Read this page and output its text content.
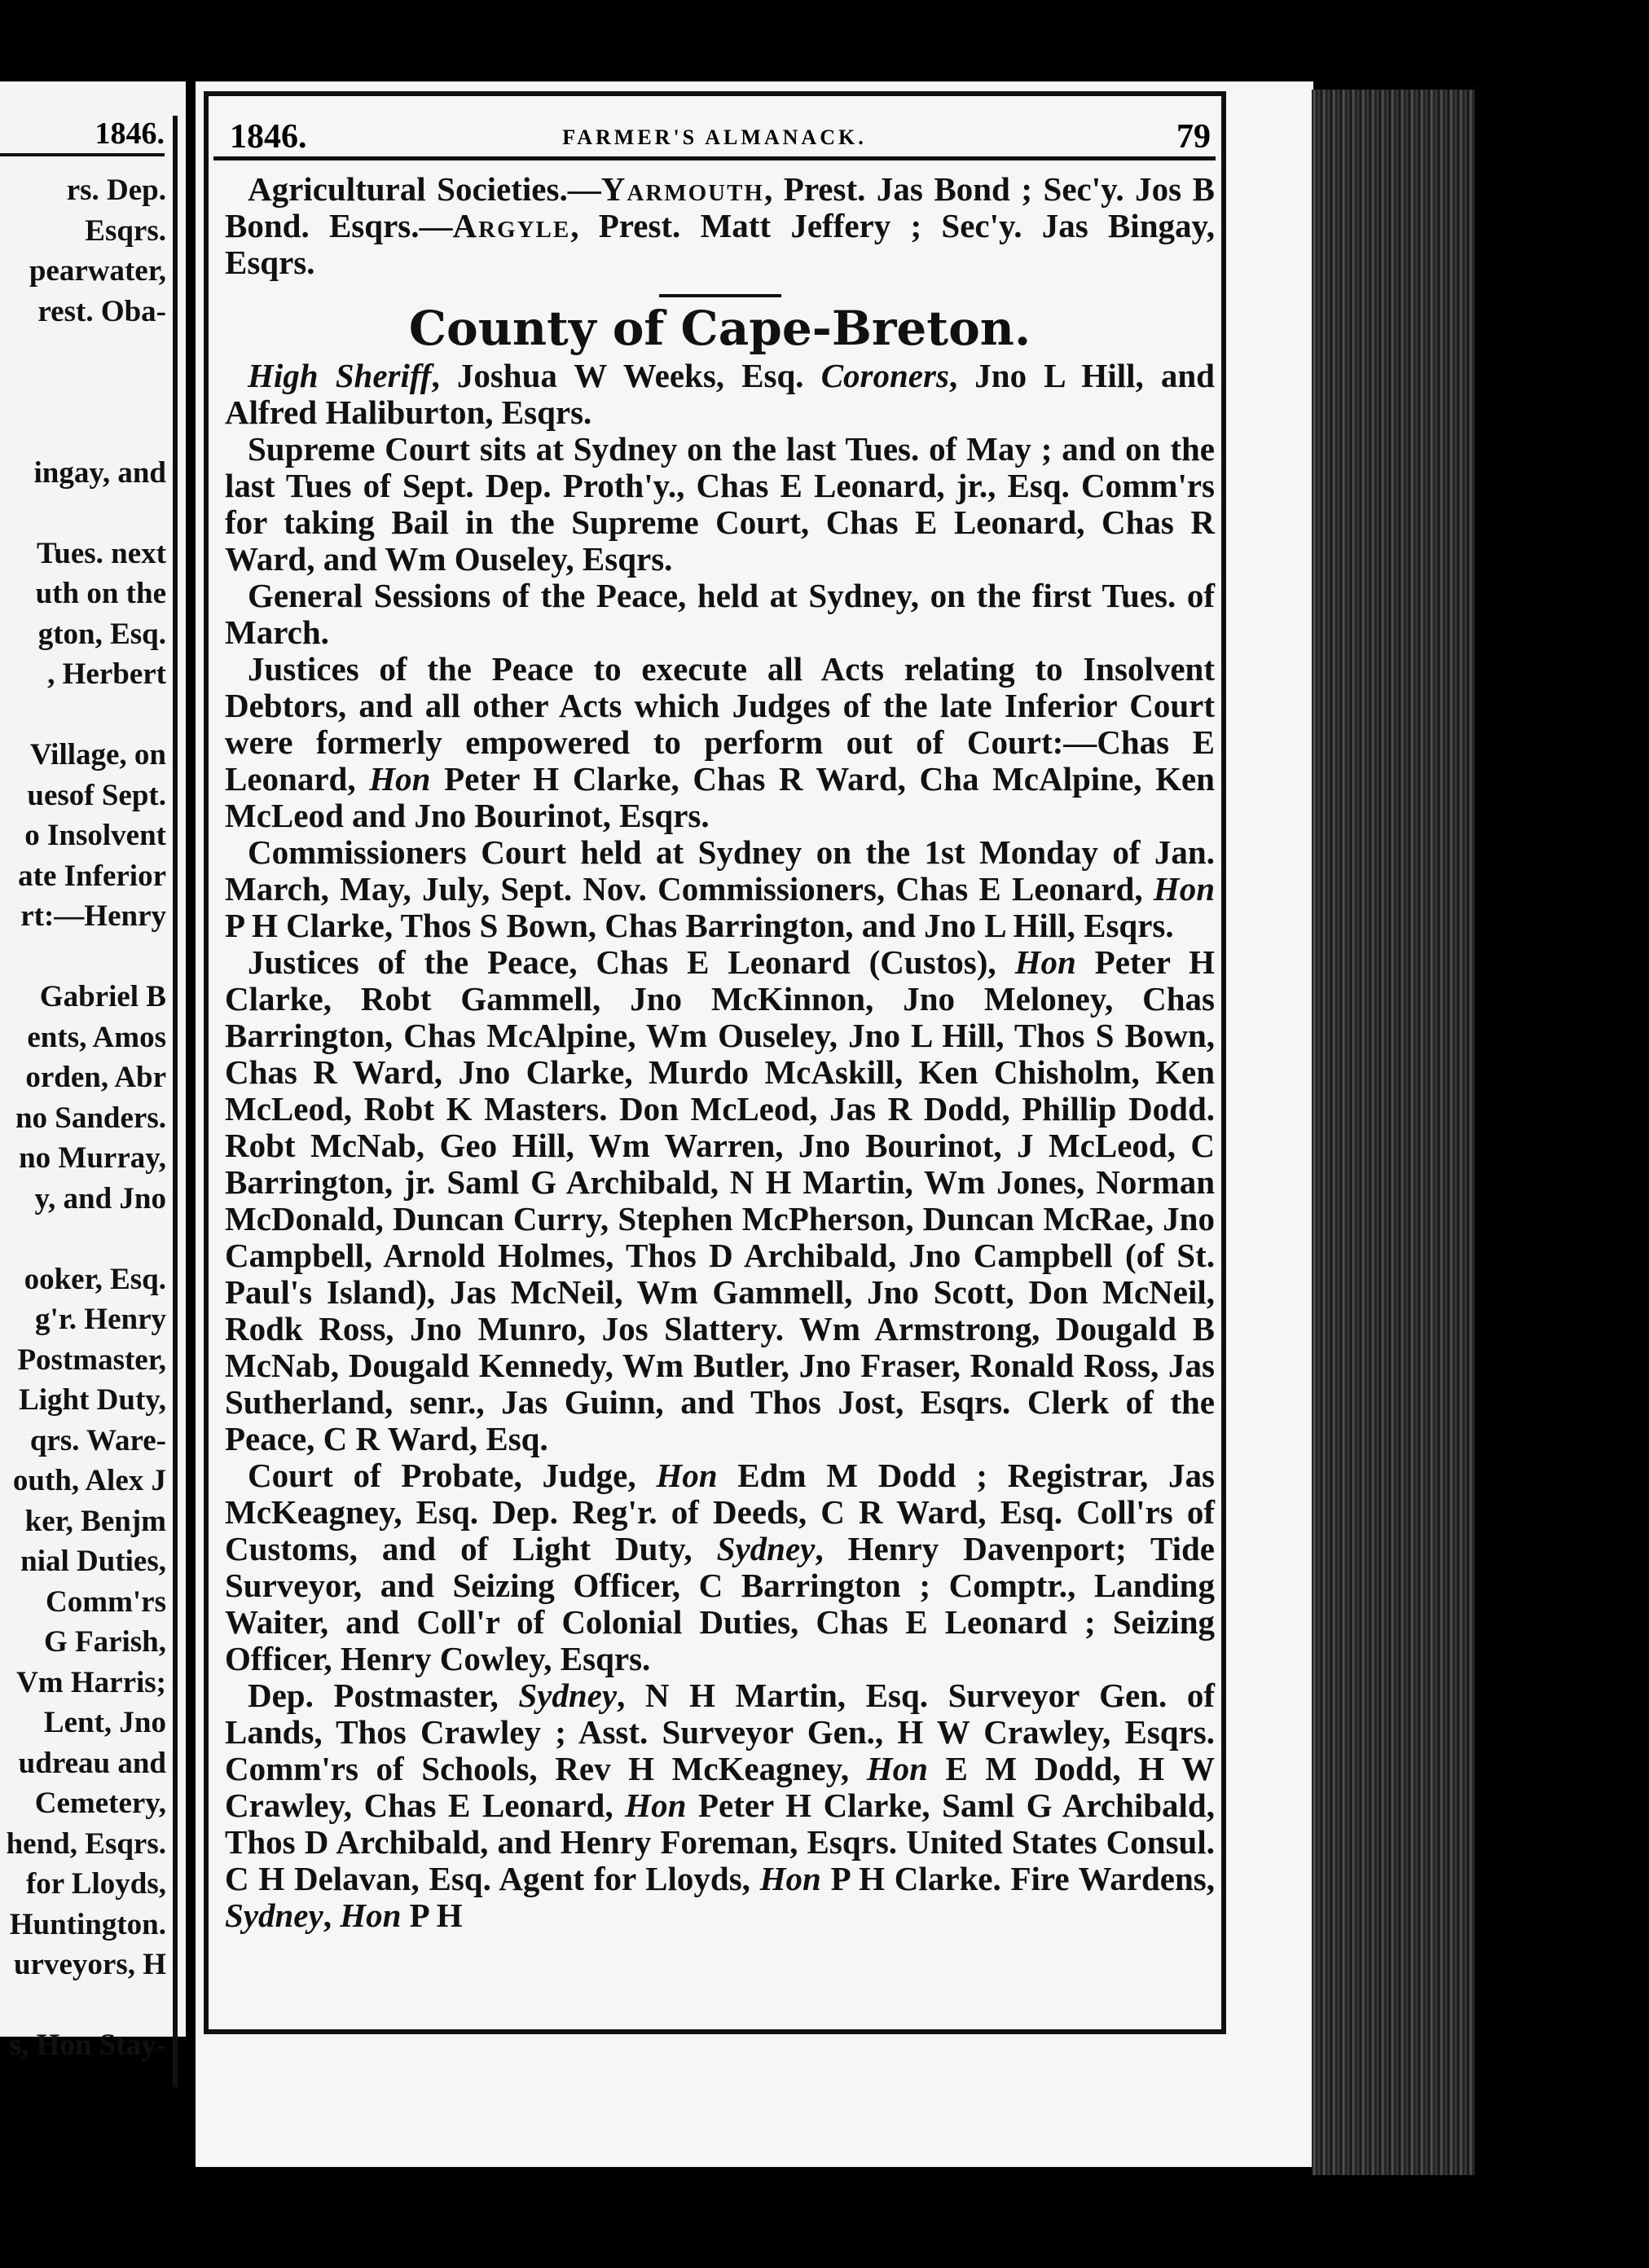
1846.
rs. Dep.
Esqrs.
pearwater,
rest. Oba-
ingay, and
Tues. next
uth on the
gton, Esq.
, Herbert
Village, on
uesof Sept.
o Insolvent
ate Inferior
rt:—Henry
Gabriel B
ents, Amos
orden, Abr
no Sanders.
no Murray,
y, and Jno
ooker, Esq.
g'r. Henry
Postmaster,
Light Duty,
qrs. Ware-
outh, Alex J
ker, Benjm
nial Duties,
Comm'rs
G Farish,
Vm Harris;
Lent, Jno
udreau and
Cemetery,
hend, Esqrs.
for Lloyds,
Huntington.
urveyors, H
s, Hon Stay-
1846.	FARMER'S ALMANACK.	79

Agricultural Societies.—Yarmouth, Prest. Jas Bond ; Sec'y. Jos B Bond. Esqrs.—Argyle, Prest. Matt Jeffery ; Sec'y. Jas Bingay, Esqrs.

County of Cape-Breton.

High Sheriff, Joshua W Weeks, Esq. Coroners, Jno L Hill, and Alfred Haliburton, Esqrs.

Supreme Court sits at Sydney on the last Tues. of May ; and on the last Tues of Sept. Dep. Proth'y., Chas E Leonard, jr., Esq. Comm'rs for taking Bail in the Supreme Court, Chas E Leonard, Chas R Ward, and Wm Ouseley, Esqrs.

General Sessions of the Peace, held at Sydney, on the first Tues. of March.

Justices of the Peace to execute all Acts relating to Insolvent Debtors, and all other Acts which Judges of the late Inferior Court were formerly empowered to perform out of Court:—Chas E Leonard, Hon Peter H Clarke, Chas R Ward, Cha McAlpine, Ken McLeod and Jno Bourinot, Esqrs.

Commissioners Court held at Sydney on the 1st Monday of Jan. March, May, July, Sept. Nov. Commissioners, Chas E Leonard, Hon P H Clarke, Thos S Bown, Chas Barrington, and Jno L Hill, Esqrs.

Justices of the Peace, Chas E Leonard (Custos), Hon Peter H Clarke, Robt Gammell, Jno McKinnon, Jno Meloney, Chas Barrington, Chas McAlpine, Wm Ouseley, Jno L Hill, Thos S Bown, Chas R Ward, Jno Clarke, Murdo McAskill, Ken Chisholm, Ken McLeod, Robt K Masters. Don McLeod, Jas R Dodd, Phillip Dodd. Robt McNab, Geo Hill, Wm Warren, Jno Bourinot, J McLeod, C Barrington, jr. Saml G Archibald, N H Martin, Wm Jones, Norman McDonald, Duncan Curry, Stephen McPherson, Duncan McRae, Jno Campbell, Arnold Holmes, Thos D Archibald, Jno Campbell (of St. Paul's Island), Jas McNeil, Wm Gammell, Jno Scott, Don McNeil, Rodk Ross, Jno Munro, Jos Slattery. Wm Armstrong, Dougald B McNab, Dougald Kennedy, Wm Butler, Jno Fraser, Ronald Ross, Jas Sutherland, senr., Jas Guinn, and Thos Jost, Esqrs. Clerk of the Peace, C R Ward, Esq.

Court of Probate, Judge, Hon Edm M Dodd ; Registrar, Jas McKeagney, Esq. Dep. Reg'r. of Deeds, C R Ward, Esq. Coll'rs of Customs, and of Light Duty, Sydney, Henry Davenport; Tide Surveyor, and Seizing Officer, C Barrington ; Comptr., Landing Waiter, and Coll'r of Colonial Duties, Chas E Leonard ; Seizing Officer, Henry Cowley, Esqrs.

Dep. Postmaster, Sydney, N H Martin, Esq. Surveyor Gen. of Lands, Thos Crawley ; Asst. Surveyor Gen., H W Crawley, Esqrs. Comm'rs of Schools, Rev H McKeagney, Hon E M Dodd, H W Crawley, Chas E Leonard, Hon Peter H Clarke, Saml G Archibald, Thos D Archibald, and Henry Foreman, Esqrs. United States Consul. C H Delavan, Esq. Agent for Lloyds, Hon P H Clarke. Fire Wardens, Sydney, Hon P H
